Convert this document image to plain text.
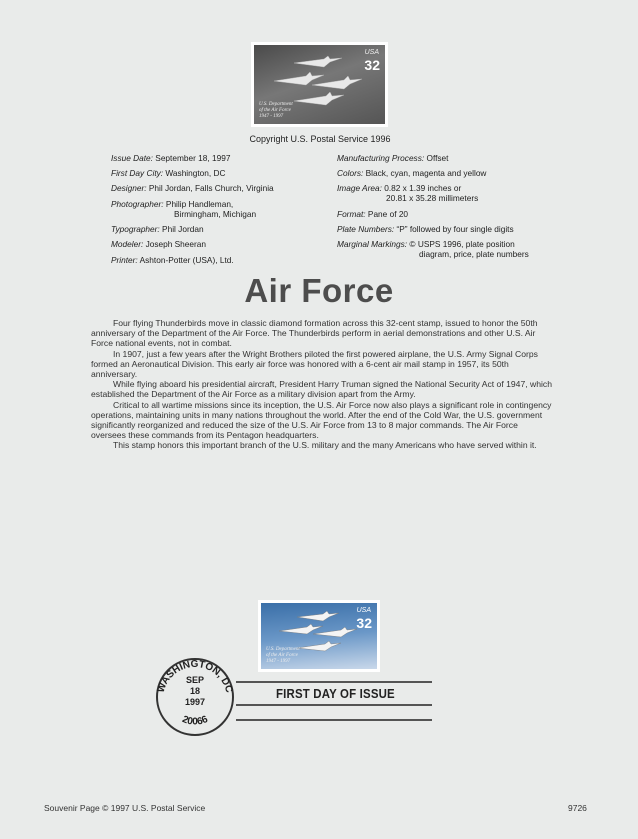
USA
32
U.S. Department
of the Air Force
1947 - 1997
Copyright U.S. Postal Service 1996
Issue Date: September 18, 1997
First Day City: Washington, DC
Designer: Phil Jordan, Falls Church, Virginia
Photographer: Philip Handleman,
Birmingham, Michigan
Typographer: Phil Jordan
Modeler: Joseph Sheeran
Printer: Ashton-Potter (USA), Ltd.
Manufacturing Process: Offset
Colors: Black, cyan, magenta and yellow
Image Area: 0.82 x 1.39 inches or
20.81 x 35.28 millimeters
Format: Pane of 20
Plate Numbers: “P” followed by four single digits
Marginal Markings: © USPS 1996, plate position
diagram, price, plate numbers
Air Force

Four flying Thunderbirds move in classic diamond formation across this 32-cent stamp, issued to honor the 50th anniversary of the Department of the Air Force. The Thunderbirds perform in aerial demonstrations and other U.S. Air Force national events, not in combat.

In 1907, just a few years after the Wright Brothers piloted the first powered airplane, the U.S. Army Signal Corps formed an Aeronautical Division. This early air force was honored with a 6-cent air mail stamp in 1957, its 50th anniversary.

While flying aboard his presidential aircraft, President Harry Truman signed the National Security Act of 1947, which established the Department of the Air Force as a military division apart from the Army.

Critical to all wartime missions since its inception, the U.S. Air Force now also plays a significant role in contingency operations, maintaining units in many nations throughout the world. After the end of the Cold War, the U.S. government significantly reorganized and reduced the size of the U.S. Air Force from 13 to 8 major commands. The Air Force oversees these commands from its Pentagon headquarters.

This stamp honors this important branch of the U.S. military and the many Americans who have served within it.

USA
32
U.S. Department
of the Air Force
1947 - 1997
WASHINGTON, DC
20066
SEP
18
1997
FIRST DAY OF ISSUE
Souvenir Page © 1997 U.S. Postal Service	9726
